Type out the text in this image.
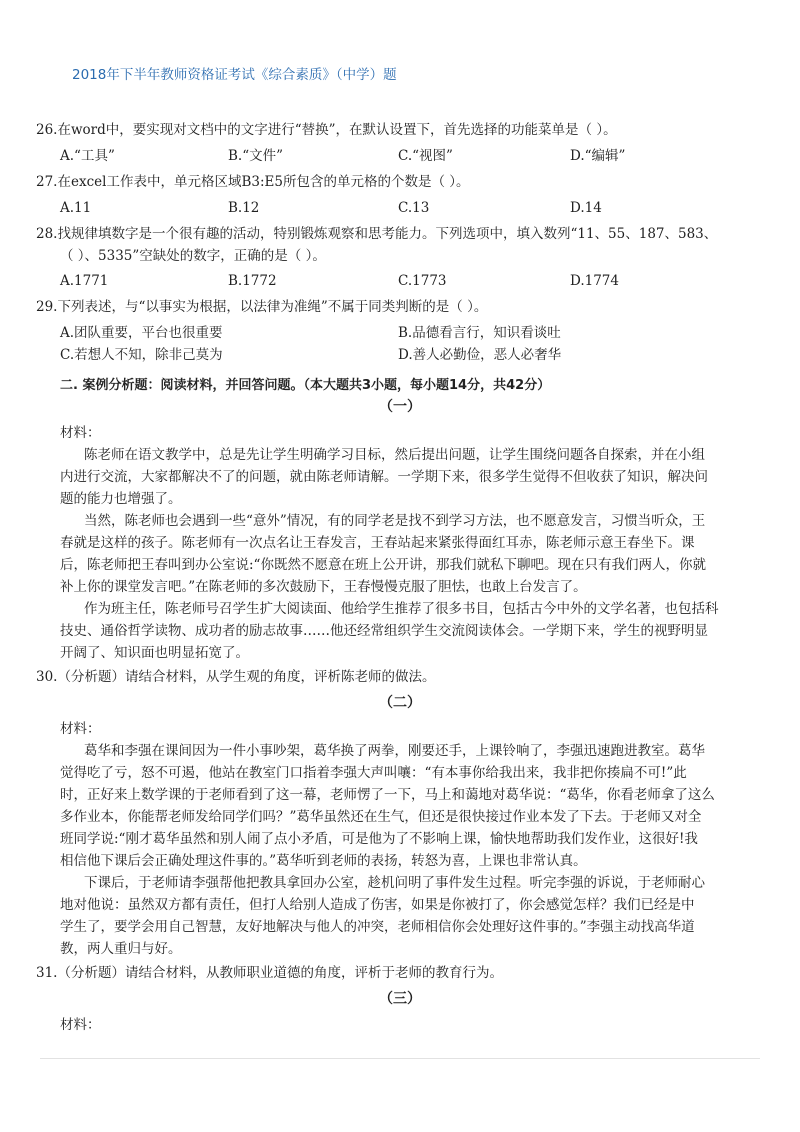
2018年下半年教师资格证考试《综合素质》（中学）题
26.在word中，要实现对文档中的文字进行“替换”，在默认设置下，首先选择的功能菜单是（ ）。
A.“工具”	B.“文件”	C.“视图”	D.“编辑”
27.在excel工作表中，单元格区域B3:E5所包含的单元格的个数是（ ）。
A.11	B.12	C.13	D.14
28.找规律填数字是一个很有趣的活动，特别锻炼观察和思考能力。下列选项中，填入数列“11、55、187、583、
（ ）、5335”空缺处的数字，正确的是（ ）。
A.1771	B.1772	C.1773	D.1774
29.下列表述，与“以事实为根据，以法律为准绳”不属于同类判断的是（ ）。
A.团队重要，平台也很重要	B.品德看言行，知识看谈吐
C.若想人不知，除非己莫为	D.善人必勤俭，恶人必奢华
二. 案例分析题：阅读材料，并回答问题。（本大题共3小题，每小题14分，共42分）
（一）
材料：
陈老师在语文教学中，总是先让学生明确学习目标，然后提出问题，让学生围绕问题各自探索，并在小组
内进行交流，大家都解决不了的问题，就由陈老师请解。一学期下来，很多学生觉得不但收获了知识，解决问
题的能力也增强了。
当然，陈老师也会遇到一些“意外”情况，有的同学老是找不到学习方法，也不愿意发言，习惯当听众，王
春就是这样的孩子。陈老师有一次点名让王春发言，王春站起来紧张得面红耳赤，陈老师示意王春坐下。课
后，陈老师把王春叫到办公室说:“你既然不愿意在班上公开讲，那我们就私下聊吧。现在只有我们两人，你就
补上你的课堂发言吧。”在陈老师的多次鼓励下，王春慢慢克服了胆怯，也敢上台发言了。
作为班主任，陈老师号召学生扩大阅读面、他给学生推荐了很多书目，包括古今中外的文学名著，也包括科
技史、通俗哲学读物、成功者的励志故事……他还经常组织学生交流阅读体会。一学期下来，学生的视野明显
开阔了、知识面也明显拓宽了。
30.（分析题）请结合材料，从学生观的角度，评析陈老师的做法。
（二）
材料：
葛华和李强在课间因为一件小事吵架，葛华换了两拳，刚要还手，上课铃响了，李强迅速跑进教室。葛华
觉得吃了亏，怒不可遏，他站在教室门口指着李强大声叫嚷：“有本事你给我出来，我非把你揍扁不可!”此
时，正好来上数学课的于老师看到了这一幕，老师愣了一下，马上和蔼地对葛华说：“葛华，你看老师拿了这么
多作业本，你能帮老师发给同学们吗？”葛华虽然还在生气，但还是很快接过作业本发了下去。于老师又对全
班同学说:“刚才葛华虽然和别人闹了点小矛盾，可是他为了不影响上课，愉快地帮助我们发作业，这很好!我
相信他下课后会正确处理这件事的。”葛华听到老师的表扬，转怒为喜，上课也非常认真。
下课后，于老师请李强帮他把教具拿回办公室，趁机问明了事件发生过程。听完李强的诉说，于老师耐心
地对他说：虽然双方都有责任，但打人给别人造成了伤害，如果是你被打了，你会感觉怎样？我们已经是中
学生了，要学会用自己智慧，友好地解决与他人的冲突，老师相信你会处理好这件事的。”李强主动找高华道
教，两人重归与好。
31.（分析题）请结合材料，从教师职业道德的角度，评析于老师的教育行为。
（三）
材料：
